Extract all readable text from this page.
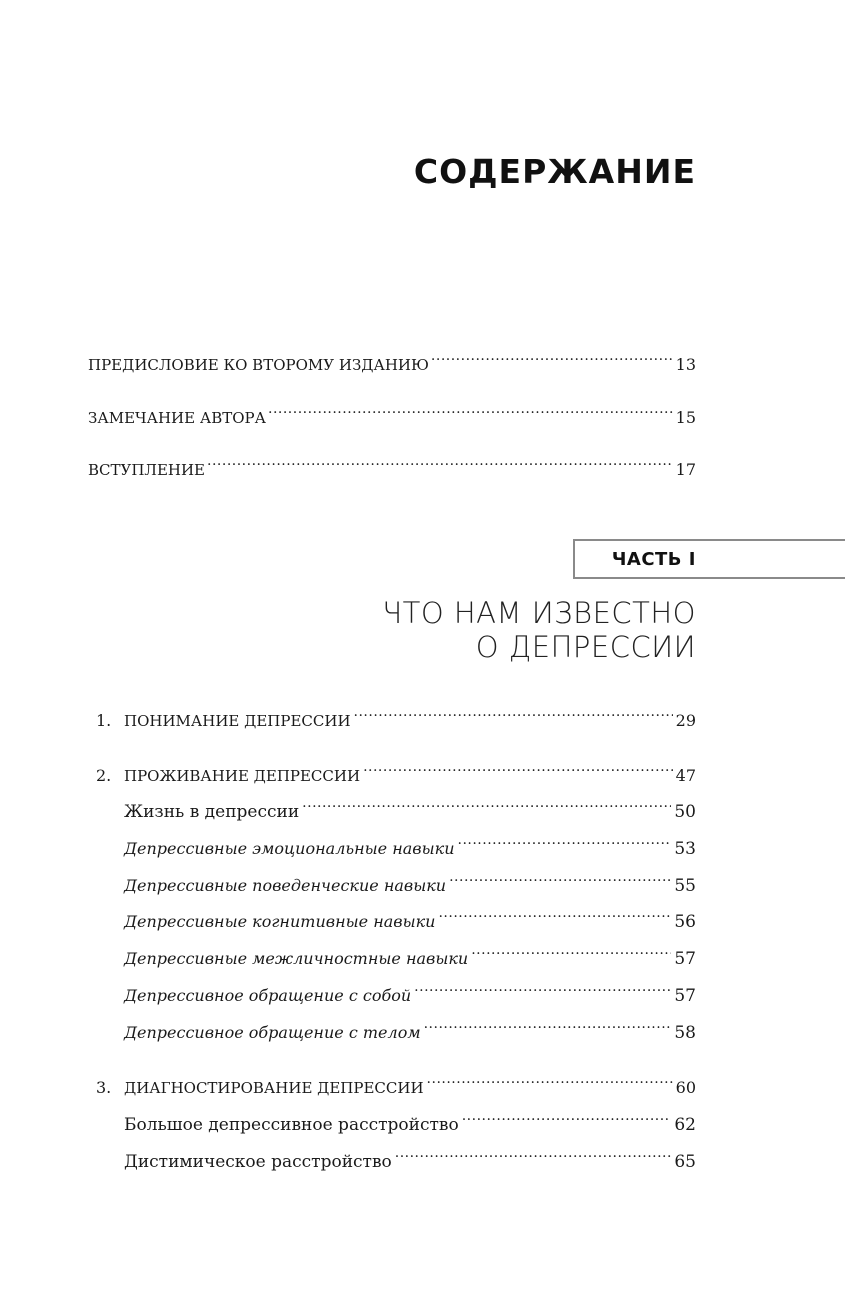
СОДЕРЖАНИЕ
ПРЕДИСЛОВИЕ КО ВТОРОМУ ИЗДАНИЮ .....	13
ЗАМЕЧАНИЕ АВТОРА .....	15
ВСТУПЛЕНИЕ .....	17
ЧАСТЬ I
ЧТО НАМ ИЗВЕСТНО
О ДЕПРЕССИИ
1. ПОНИМАНИЕ ДЕПРЕССИИ .....	29
2. ПРОЖИВАНИЕ ДЕПРЕССИИ .....	47
Жизнь в депрессии .....	50
Депрессивные эмоциональные навыки .....	53
Депрессивные поведенческие навыки .....	55
Депрессивные когнитивные навыки .....	56
Депрессивные межличностные навыки .....	57
Депрессивное обращение с собой .....	57
Депрессивное обращение с телом .....	58
3. ДИАГНОСТИРОВАНИЕ ДЕПРЕССИИ .....	60
Большое депрессивное расстройство .....	62
Дистимическое расстройство .....	65
